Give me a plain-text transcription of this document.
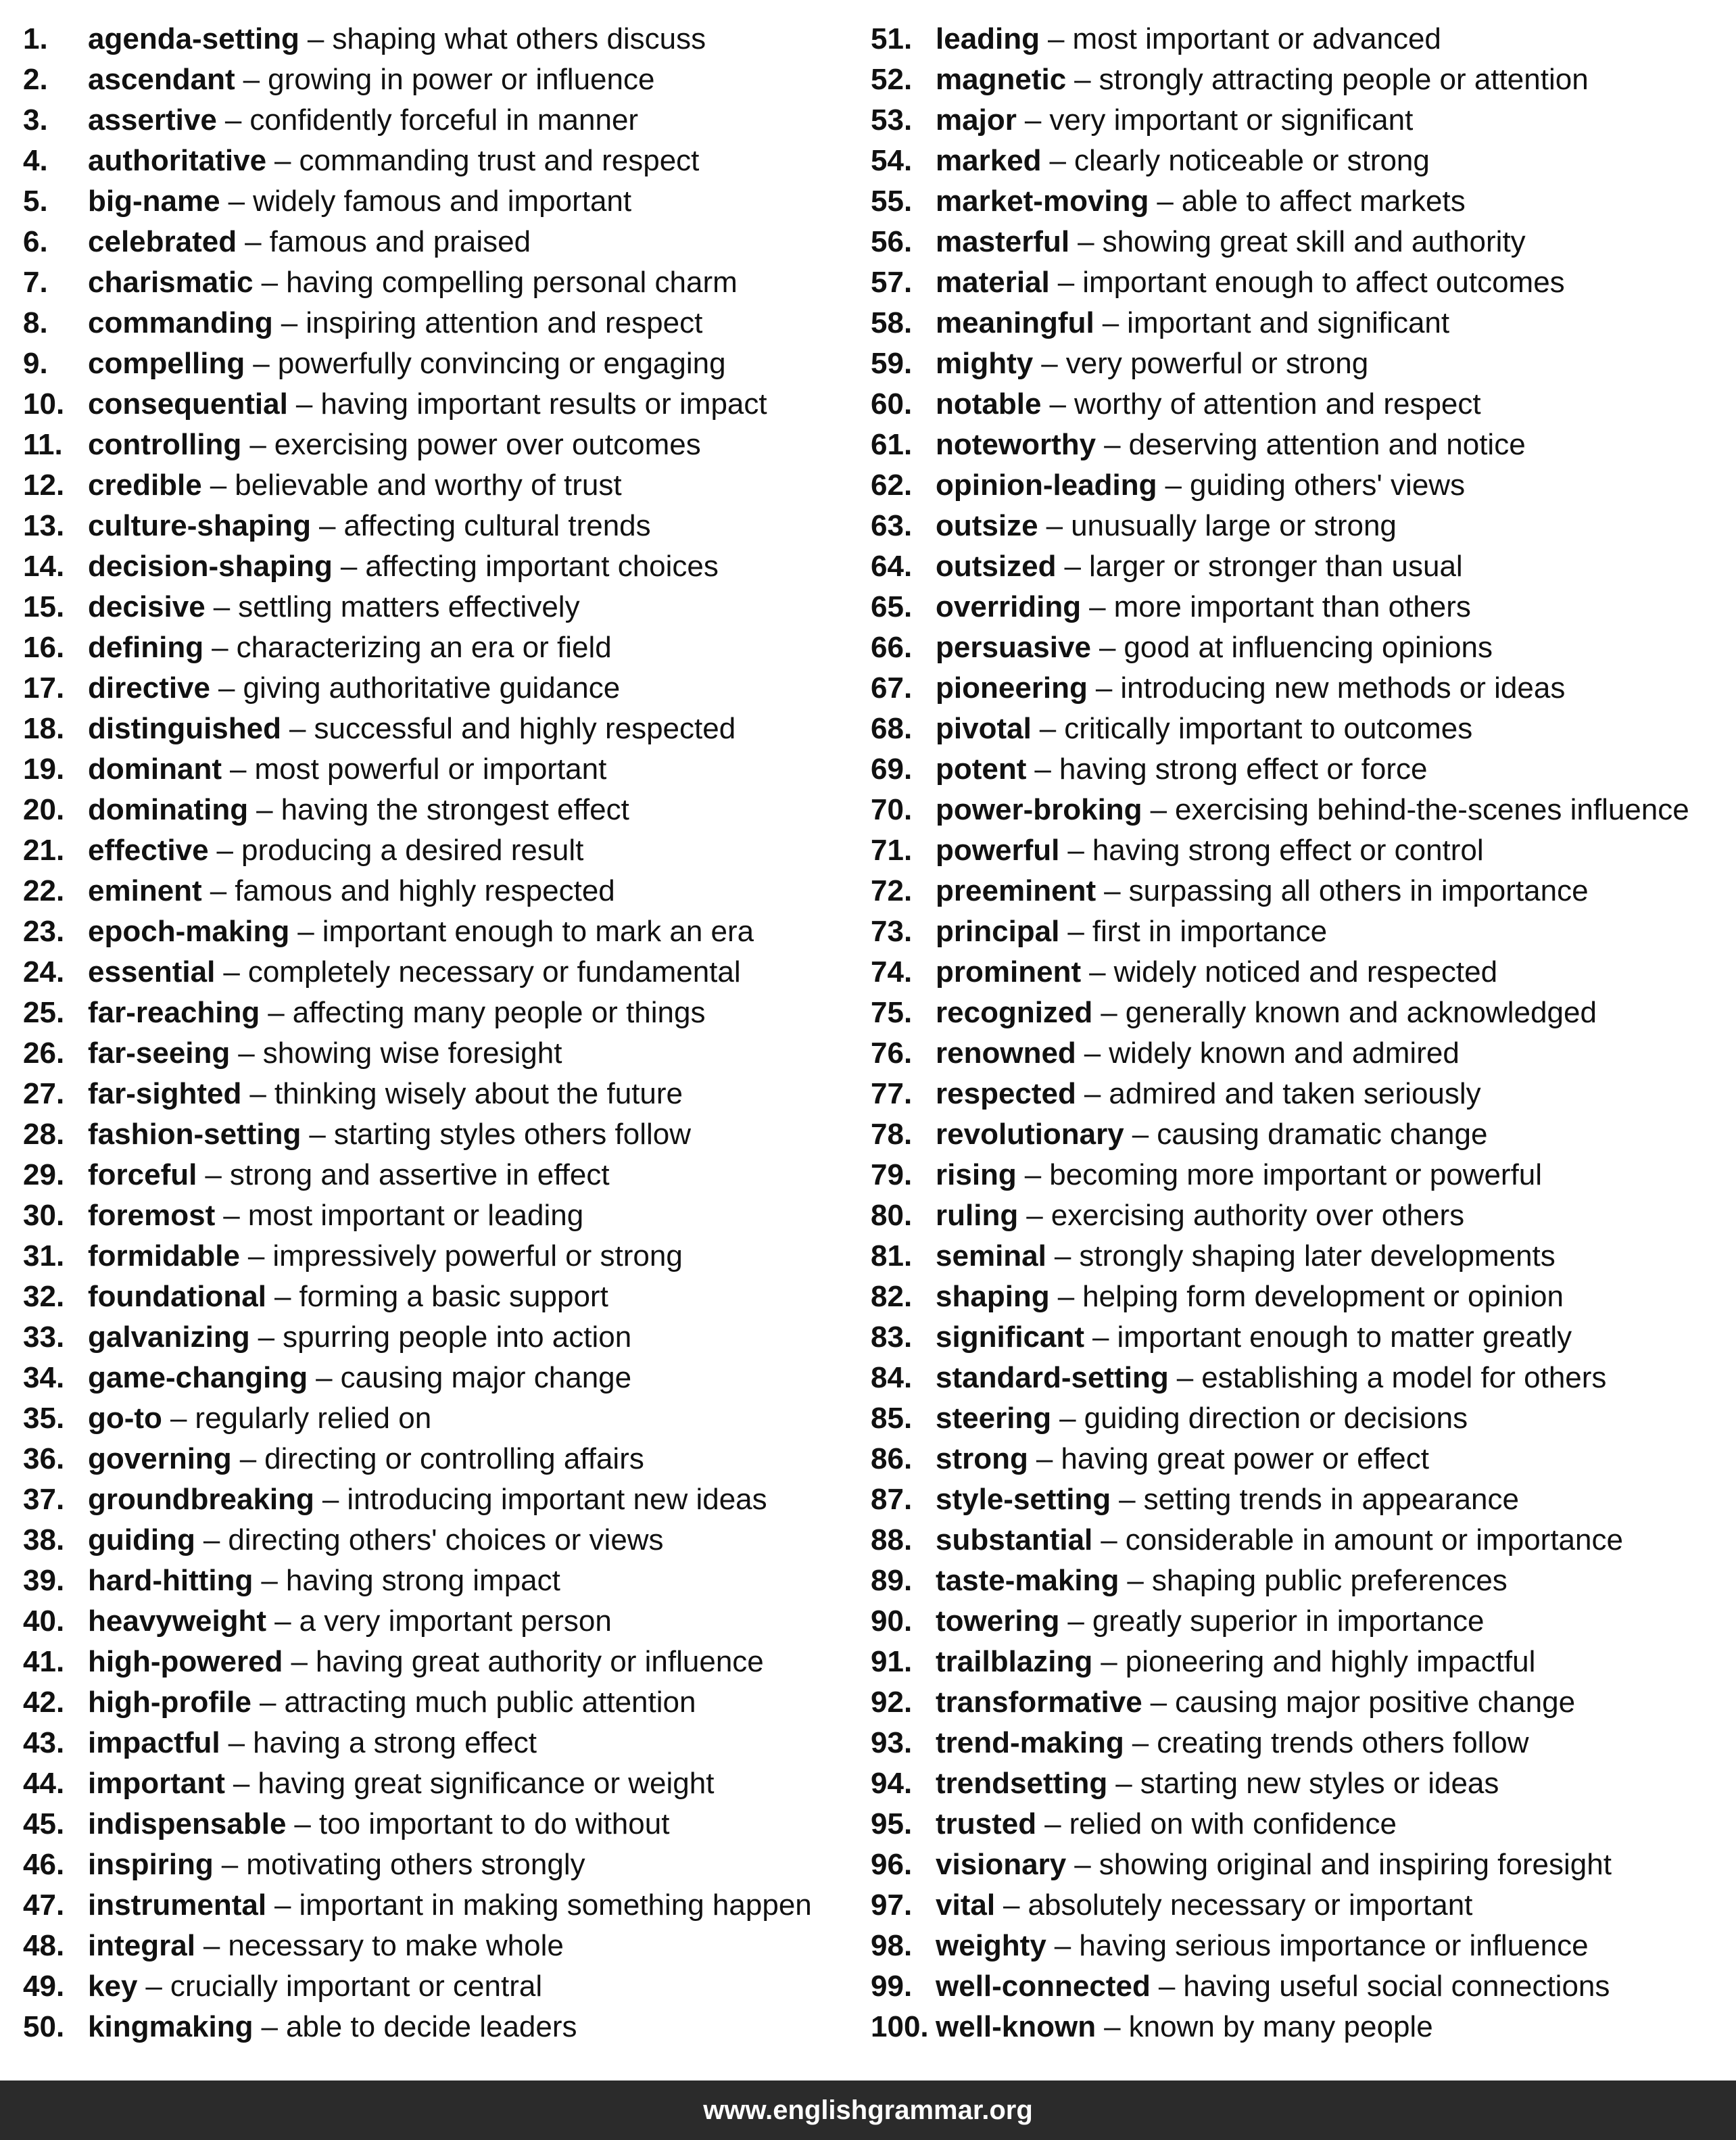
1.	agenda-setting – shaping what others discuss
2.	ascendant – growing in power or influence
3.	assertive – confidently forceful in manner
4.	authoritative – commanding trust and respect
5.	big-name – widely famous and important
6.	celebrated – famous and praised
7.	charismatic – having compelling personal charm
8.	commanding – inspiring attention and respect
9.	compelling – powerfully convincing or engaging
10. consequential – having important results or impact
11. controlling – exercising power over outcomes
12. credible – believable and worthy of trust
13. culture-shaping – affecting cultural trends
14. decision-shaping – affecting important choices
15. decisive – settling matters effectively
16. defining – characterizing an era or field
17. directive – giving authoritative guidance
18. distinguished – successful and highly respected
19. dominant – most powerful or important
20. dominating – having the strongest effect
21. effective – producing a desired result
22. eminent – famous and highly respected
23. epoch-making – important enough to mark an era
24. essential – completely necessary or fundamental
25. far-reaching – affecting many people or things
26. far-seeing – showing wise foresight
27. far-sighted – thinking wisely about the future
28. fashion-setting – starting styles others follow
29. forceful – strong and assertive in effect
30. foremost – most important or leading
31. formidable – impressively powerful or strong
32. foundational – forming a basic support
33. galvanizing – spurring people into action
34. game-changing – causing major change
35. go-to – regularly relied on
36. governing – directing or controlling affairs
37. groundbreaking – introducing important new ideas
38. guiding – directing others' choices or views
39. hard-hitting – having strong impact
40. heavyweight – a very important person
41. high-powered – having great authority or influence
42. high-profile – attracting much public attention
43. impactful – having a strong effect
44. important – having great significance or weight
45. indispensable – too important to do without
46. inspiring – motivating others strongly
47. instrumental – important in making something happen
48. integral – necessary to make whole
49. key – crucially important or central
50. kingmaking – able to decide leaders
51. leading – most important or advanced
52. magnetic – strongly attracting people or attention
53. major – very important or significant
54. marked – clearly noticeable or strong
55. market-moving – able to affect markets
56. masterful – showing great skill and authority
57. material – important enough to affect outcomes
58. meaningful – important and significant
59. mighty – very powerful or strong
60. notable – worthy of attention and respect
61. noteworthy – deserving attention and notice
62. opinion-leading – guiding others' views
63. outsize – unusually large or strong
64. outsized – larger or stronger than usual
65. overriding – more important than others
66. persuasive – good at influencing opinions
67. pioneering – introducing new methods or ideas
68. pivotal – critically important to outcomes
69. potent – having strong effect or force
70. power-broking – exercising behind-the-scenes influence
71. powerful – having strong effect or control
72. preeminent – surpassing all others in importance
73. principal – first in importance
74. prominent – widely noticed and respected
75. recognized – generally known and acknowledged
76. renowned – widely known and admired
77. respected – admired and taken seriously
78. revolutionary – causing dramatic change
79. rising – becoming more important or powerful
80. ruling – exercising authority over others
81. seminal – strongly shaping later developments
82. shaping – helping form development or opinion
83. significant – important enough to matter greatly
84. standard-setting – establishing a model for others
85. steering – guiding direction or decisions
86. strong – having great power or effect
87. style-setting – setting trends in appearance
88. substantial – considerable in amount or importance
89. taste-making – shaping public preferences
90. towering – greatly superior in importance
91. trailblazing – pioneering and highly impactful
92. transformative – causing major positive change
93. trend-making – creating trends others follow
94. trendsetting – starting new styles or ideas
95. trusted – relied on with confidence
96. visionary – showing original and inspiring foresight
97. vital – absolutely necessary or important
98. weighty – having serious importance or influence
99. well-connected – having useful social connections
100. well-known – known by many people
www.englishgrammar.org
